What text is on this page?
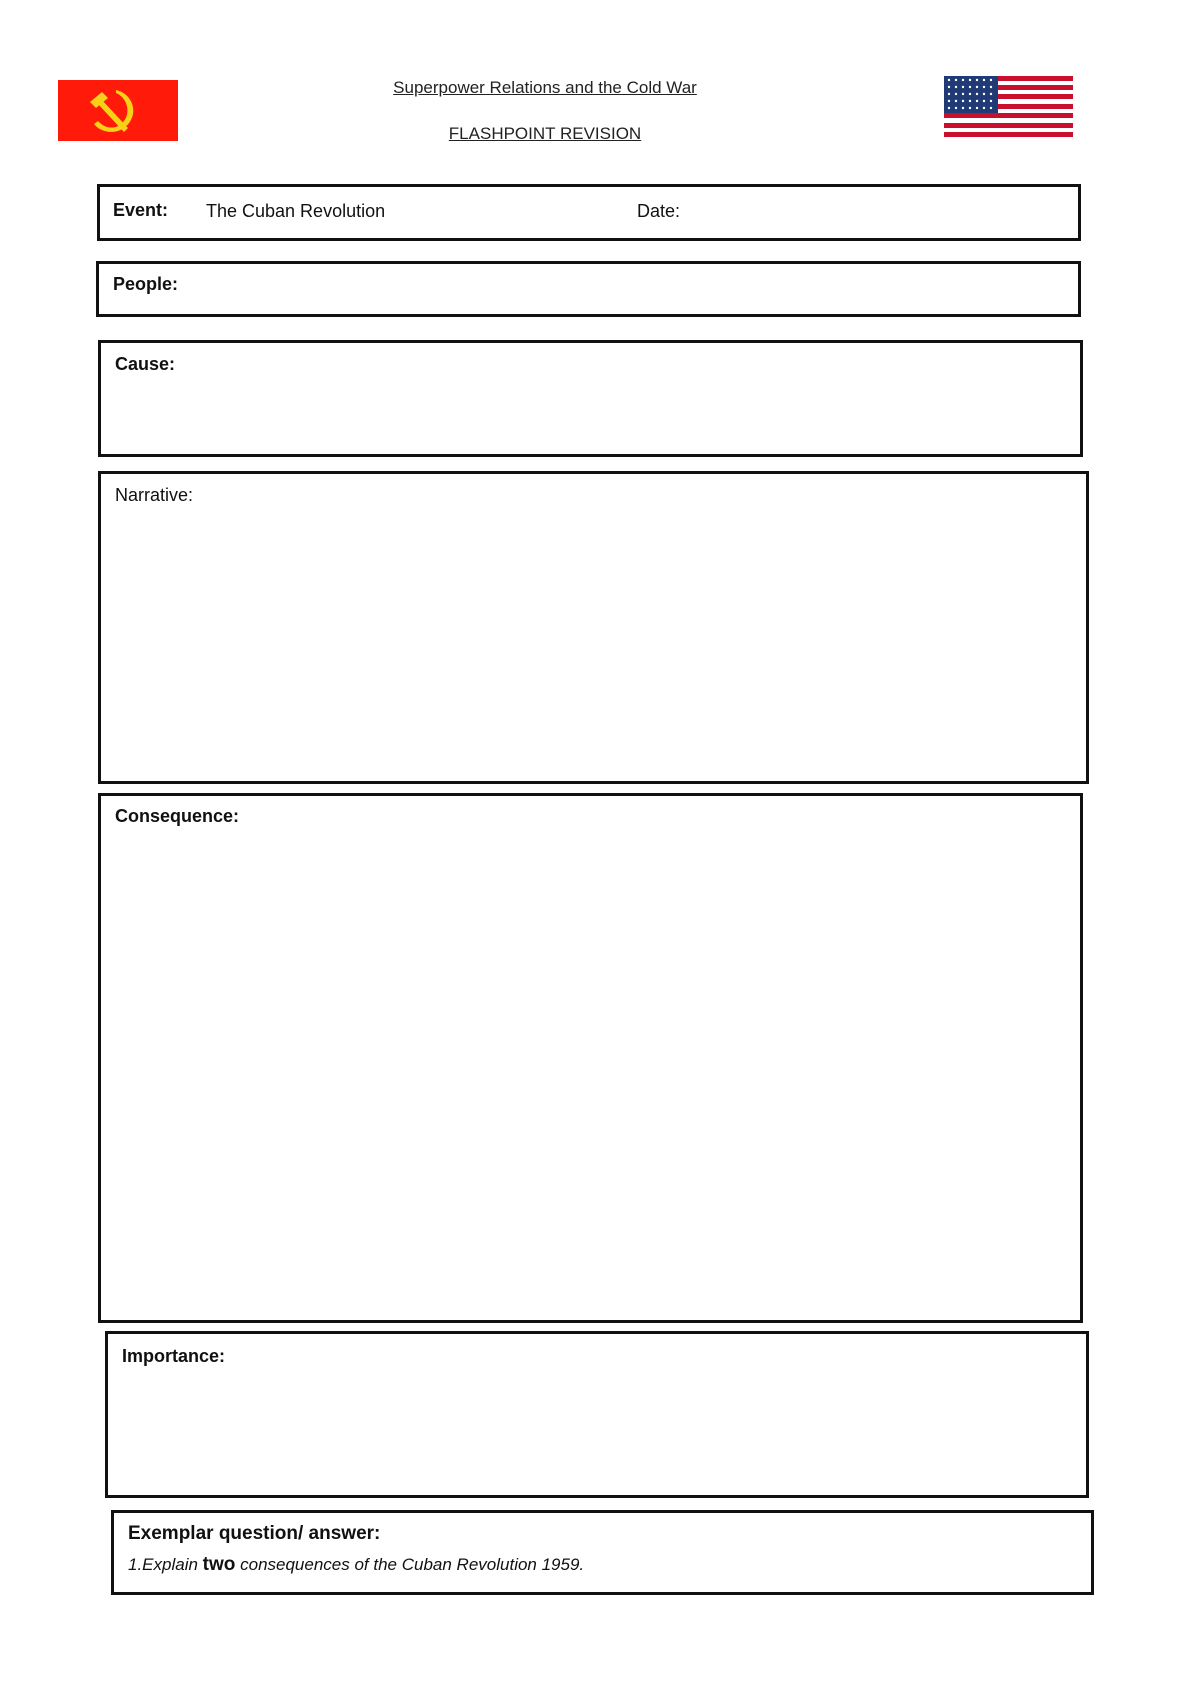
Superpower Relations and the Cold War
FLASHPOINT REVISION
Event: The Cuban Revolution	Date:
People:
Cause:
Narrative:
Consequence:
Importance:
Exemplar question/ answer:
1.Explain two consequences of the Cuban Revolution 1959.
